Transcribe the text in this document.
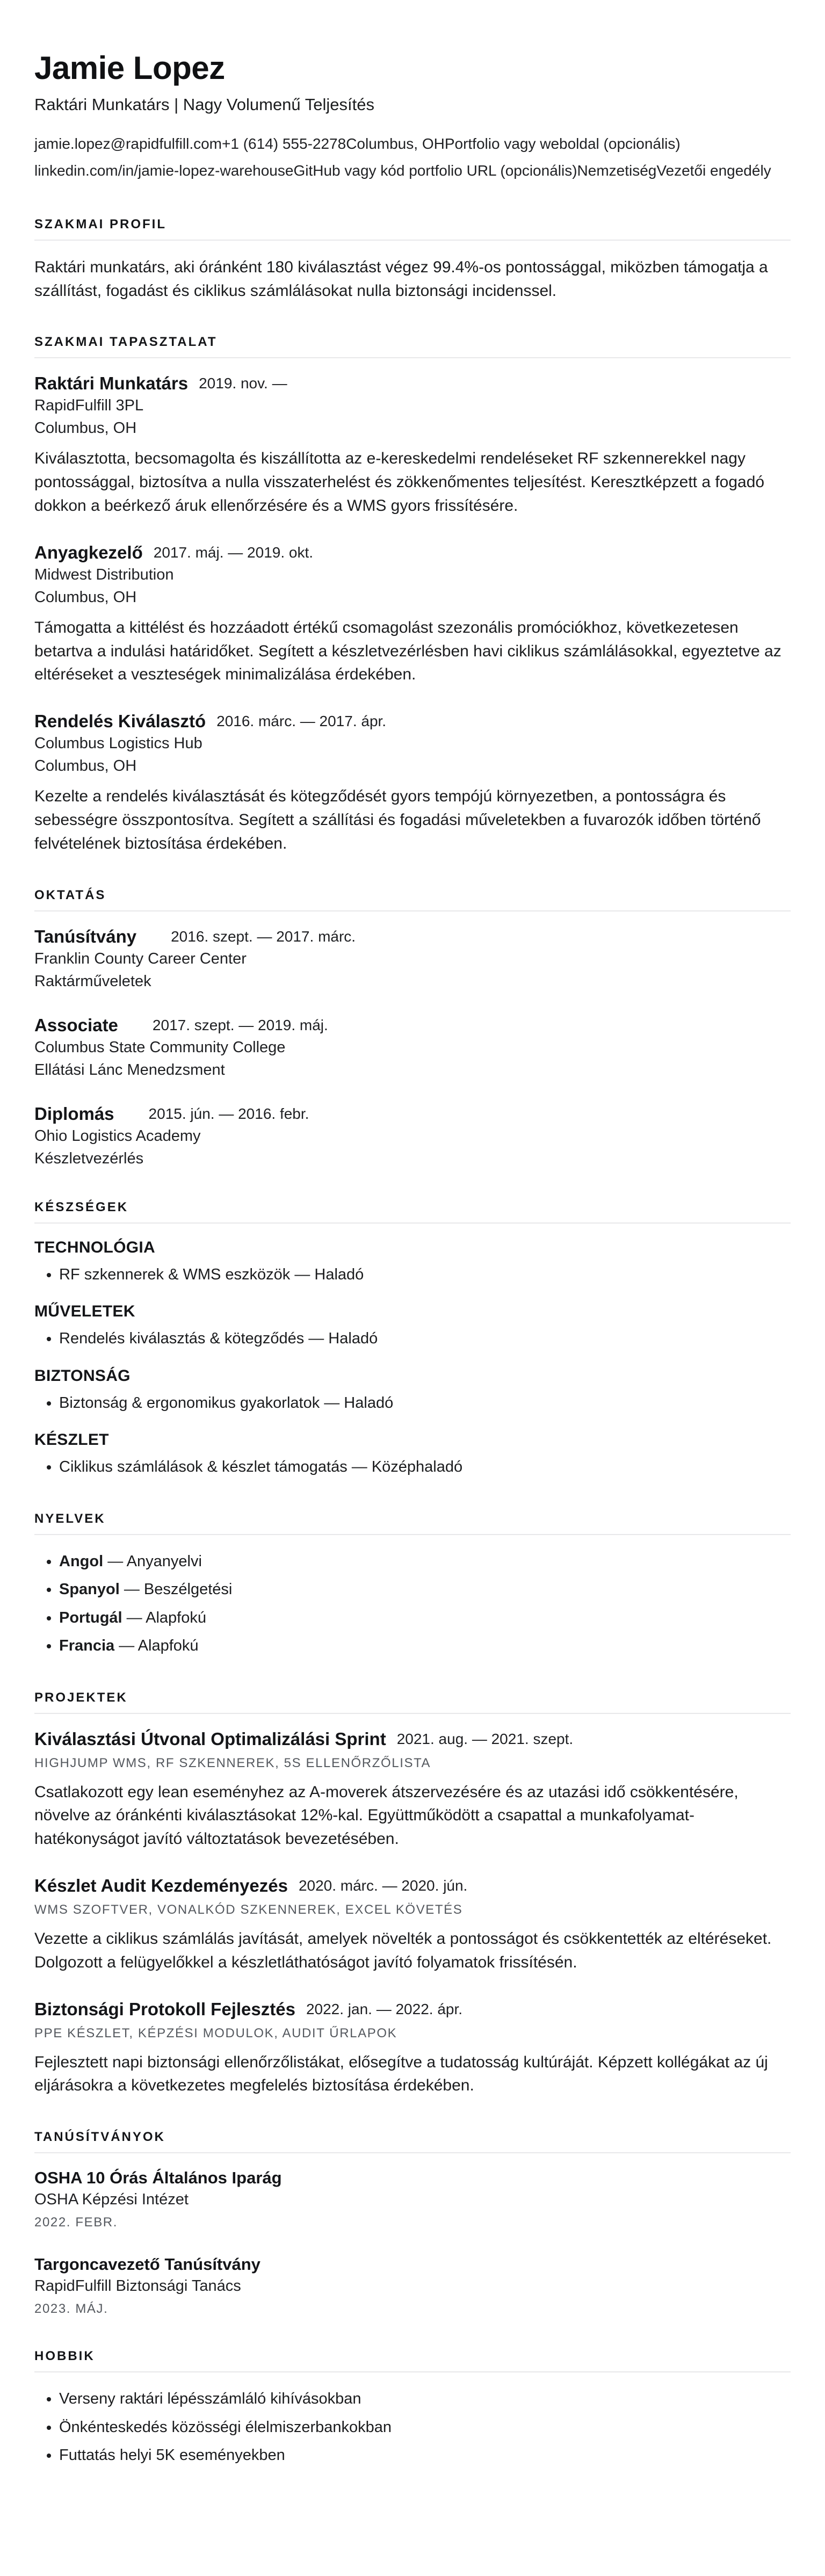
Jamie Lopez

Raktári Munkatárs | Nagy Volumenű Teljesítés

jamie.lopez@rapidfulfill.com +1 (614) 555-2278 Columbus, OH Portfolio vagy weboldal (opcionális)
linkedin.com/in/jamie-lopez-warehouse GitHub vagy kód portfolio URL (opcionális) Nemzetiség Vezetői engedély
SZAKMAI PROFIL

Raktári munkatárs, aki óránként 180 kiválasztást végez 99.4%-os pontossággal, miközben támogatja a szállítást, fogadást és ciklikus számlálásokat nulla biztonsági incidenssel.

SZAKMAI TAPASZTALAT
Raktári Munkatárs 2019. nov. —
RapidFulfill 3PL
Columbus, OH

Kiválasztotta, becsomagolta és kiszállította az e-kereskedelmi rendeléseket RF szkennerekkel nagy pontossággal, biztosítva a nulla visszaterhelést és zökkenőmentes teljesítést. Keresztképzett a fogadó dokkon a beérkező áruk ellenőrzésére és a WMS gyors frissítésére.

Anyagkezelő 2017. máj. — 2019. okt.
Midwest Distribution
Columbus, OH

Támogatta a kittélést és hozzáadott értékű csomagolást szezonális promóciókhoz, következetesen betartva a indulási határidőket. Segített a készletvezérlésben havi ciklikus számlálásokkal, egyeztetve az eltéréseket a veszteségek minimalizálása érdekében.

Rendelés Kiválasztó 2016. márc. — 2017. ápr.
Columbus Logistics Hub
Columbus, OH

Kezelte a rendelés kiválasztását és kötegződését gyors tempójú környezetben, a pontosságra és sebességre összpontosítva. Segített a szállítási és fogadási műveletekben a fuvarozók időben történő felvételének biztosítása érdekében.

OKTATÁS
Tanúsítvány 2016. szept. — 2017. márc.
Franklin County Career Center
Raktárműveletek
Associate 2017. szept. — 2019. máj.
Columbus State Community College
Ellátási Lánc Menedzsment
Diplomás 2015. jún. — 2016. febr.
Ohio Logistics Academy
Készletvezérlés
KÉSZSÉGEK
TECHNOLÓGIA
• RF szkennerek & WMS eszközök — Haladó
MŰVELETEK
• Rendelés kiválasztás & kötegződés — Haladó
BIZTONSÁG
• Biztonság & ergonomikus gyakorlatok — Haladó
KÉSZLET
• Ciklikus számlálások & készlet támogatás — Középhaladó
NYELVEK
• Angol — Anyanyelvi
• Spanyol — Beszélgetési
• Portugál — Alapfokú
• Francia — Alapfokú
PROJEKTEK
Kiválasztási Útvonal Optimalizálási Sprint 2021. aug. — 2021. szept.
HIGHJUMP WMS, RF SZKENNEREK, 5S ELLENŐRZŐLISTA

Csatlakozott egy lean eseményhez az A-moverek átszervezésére és az utazási idő csökkentésére, növelve az óránkénti kiválasztásokat 12%-kal. Együttműködött a csapattal a munkafolyamat-hatékonyságot javító változtatások bevezetésében.

Készlet Audit Kezdeményezés 2020. márc. — 2020. jún.
WMS SZOFTVER, VONALKÓD SZKENNEREK, EXCEL KÖVETÉS

Vezette a ciklikus számlálás javítását, amelyek növelték a pontosságot és csökkentették az eltéréseket. Dolgozott a felügyelőkkel a készletláthatóságot javító folyamatok frissítésén.

Biztonsági Protokoll Fejlesztés 2022. jan. — 2022. ápr.
PPE KÉSZLET, KÉPZÉSI MODULOK, AUDIT ŰRLAPOK

Fejlesztett napi biztonsági ellenőrzőlistákat, elősegítve a tudatosság kultúráját. Képzett kollégákat az új eljárásokra a következetes megfelelés biztosítása érdekében.

TANÚSÍTVÁNYOK
OSHA 10 Órás Általános Iparág
OSHA Képzési Intézet
2022. FEBR.
Targoncavezető Tanúsítvány
RapidFulfill Biztonsági Tanács
2023. MÁJ.
HOBBIK
• Verseny raktári lépésszámláló kihívásokban
• Önkénteskedés közösségi élelmiszerbankokban
• Futtatás helyi 5K eseményekben
